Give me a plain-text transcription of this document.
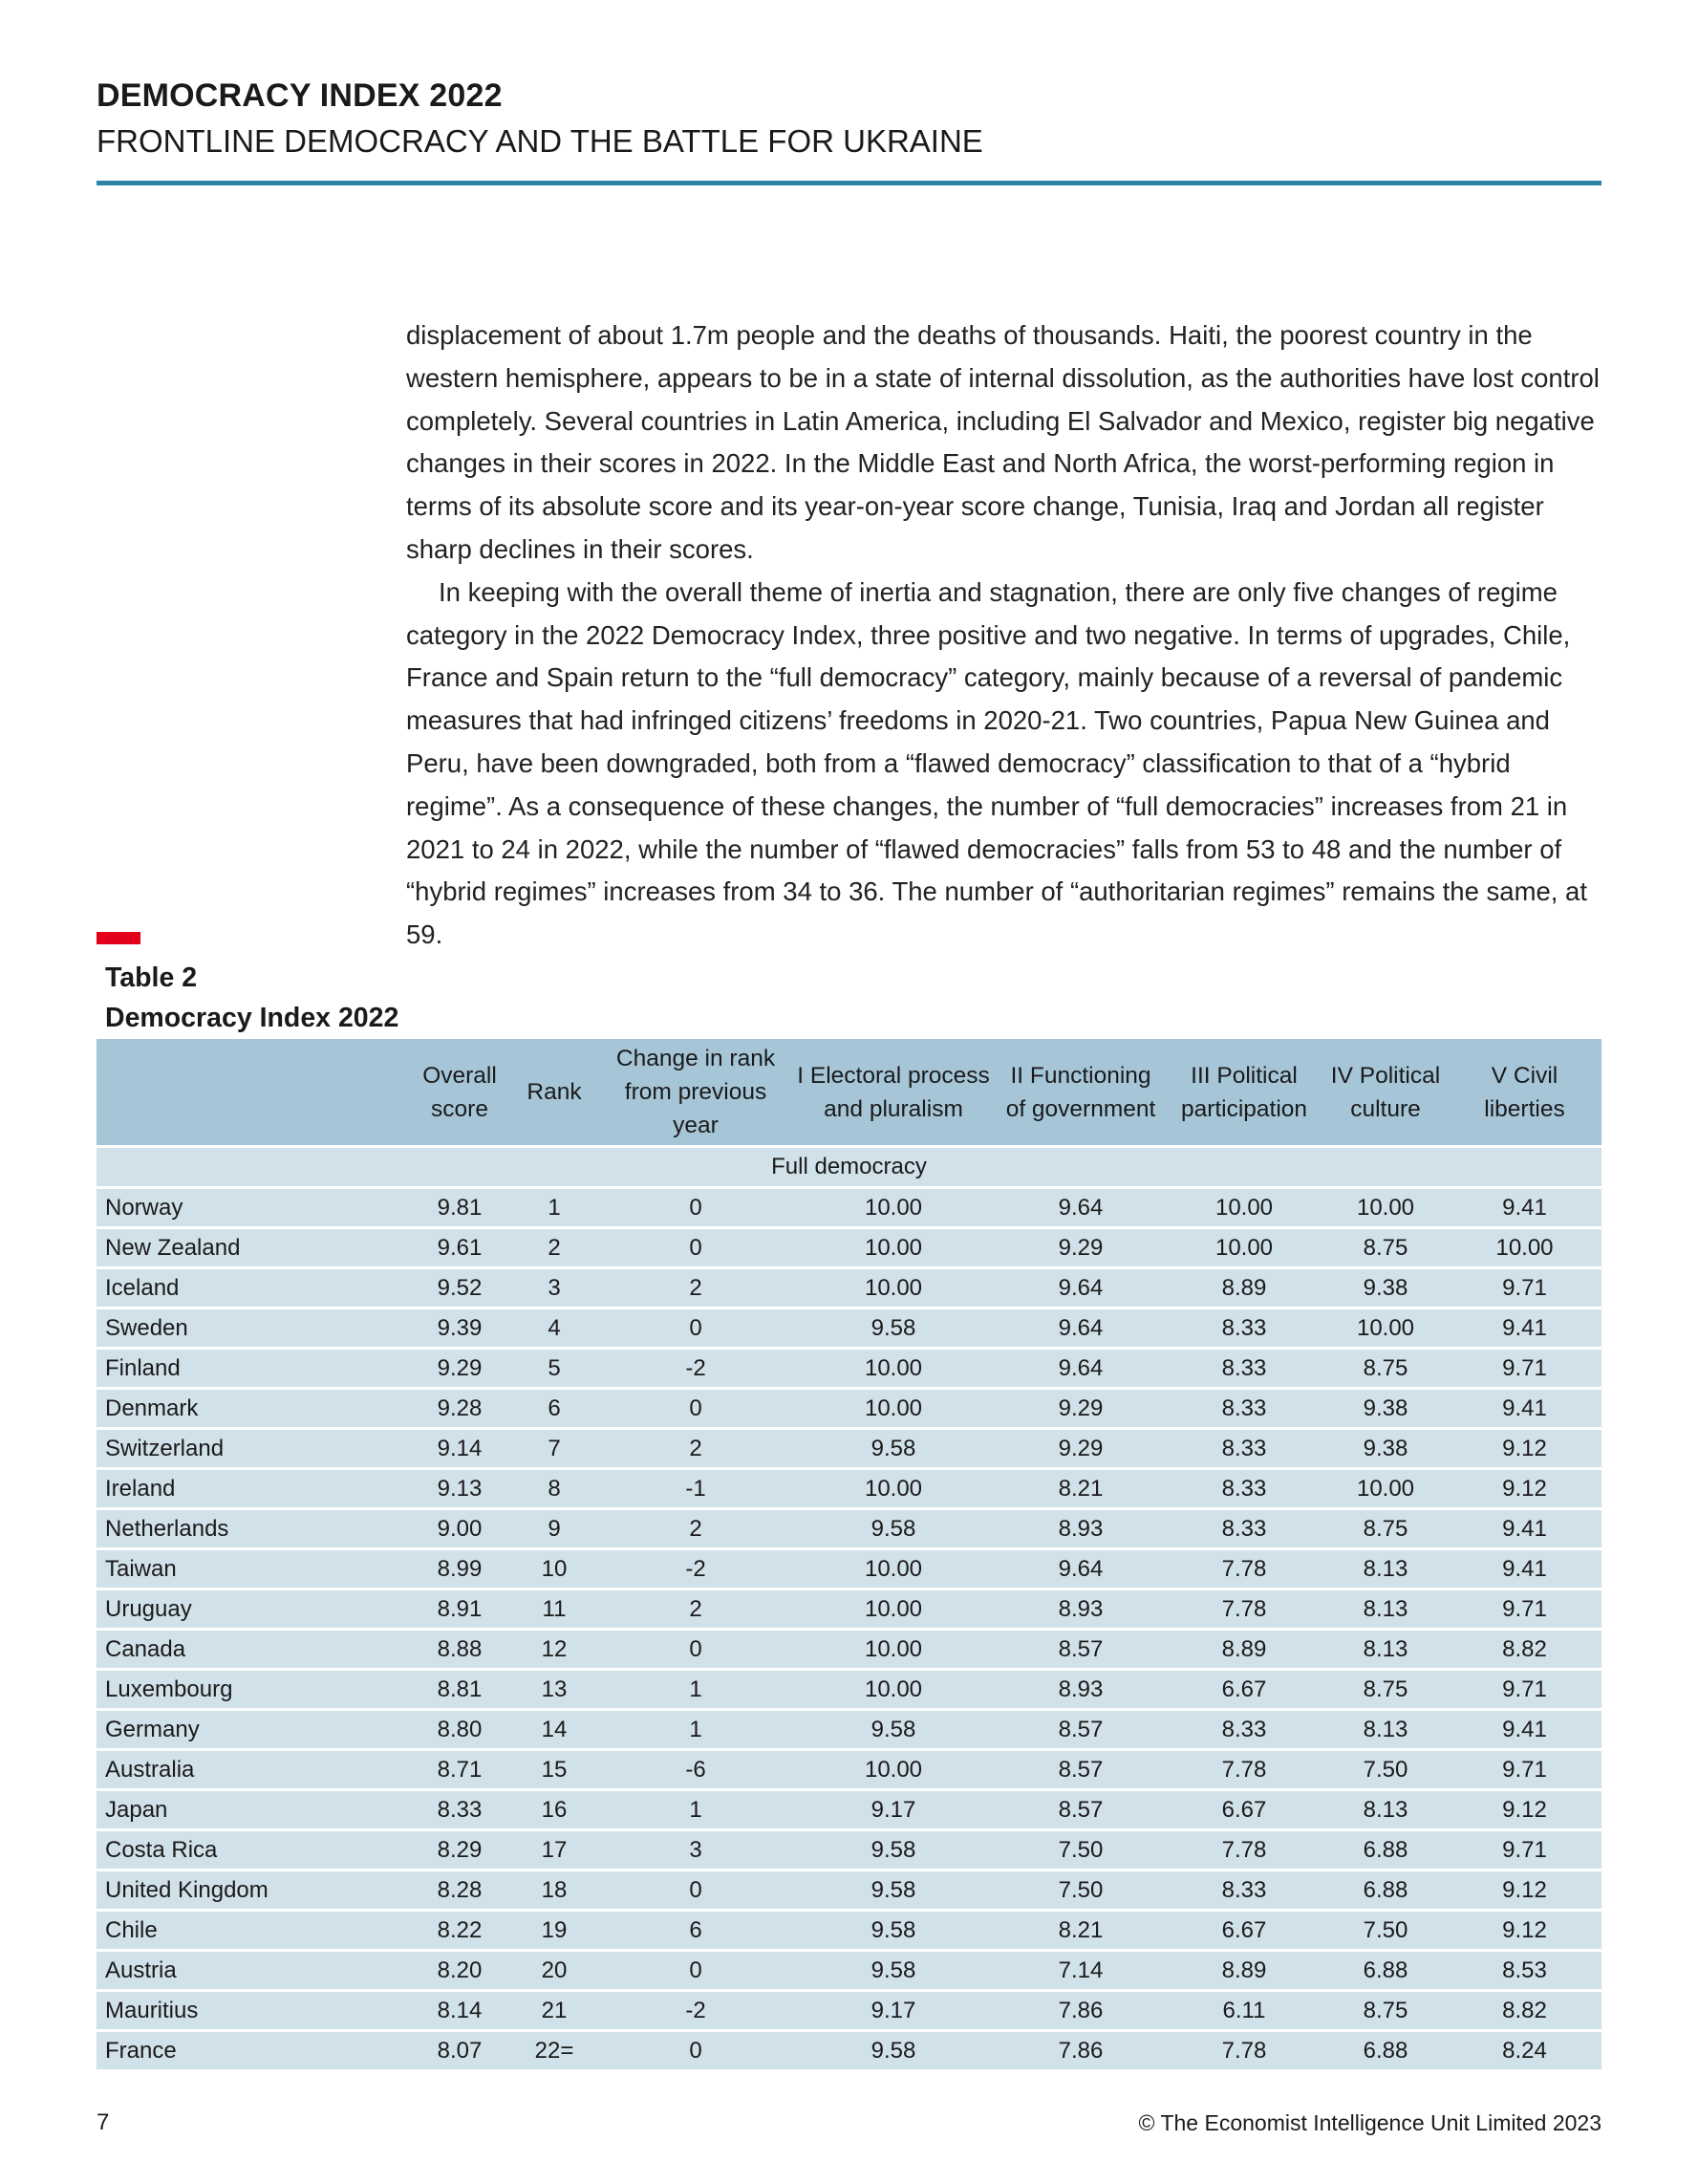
DEMOCRACY INDEX 2022
FRONTLINE DEMOCRACY AND THE BATTLE FOR UKRAINE

displacement of about 1.7m people and the deaths of thousands. Haiti, the poorest country in the western hemisphere, appears to be in a state of internal dissolution, as the authorities have lost control completely. Several countries in Latin America, including El Salvador and Mexico, register big negative changes in their scores in 2022. In the Middle East and North Africa, the worst-performing region in terms of its absolute score and its year-on-year score change, Tunisia, Iraq and Jordan all register sharp declines in their scores.

In keeping with the overall theme of inertia and stagnation, there are only five changes of regime category in the 2022 Democracy Index, three positive and two negative. In terms of upgrades, Chile, France and Spain return to the “full democracy” category, mainly because of a reversal of pandemic measures that had infringed citizens’ freedoms in 2020-21. Two countries, Papua New Guinea and Peru, have been downgraded, both from a “flawed democracy” classification to that of a “hybrid regime”. As a consequence of these changes, the number of “full democracies” increases from 21 in 2021 to 24 in 2022, while the number of “flawed democracies” falls from 53 to 48 and the number of “hybrid regimes” increases from 34 to 36. The number of “authoritarian regimes” remains the same, at 59.

Table 2
Democracy Index 2022
	Overall score	Rank	Change in rank from previous year	I Electoral process and pluralism	II Functioning of government	III Political participation	IV Political culture	V Civil liberties
Full democracy								
Norway	9.81	1	0	10.00	9.64	10.00	10.00	9.41
New Zealand	9.61	2	0	10.00	9.29	10.00	8.75	10.00
Iceland	9.52	3	2	10.00	9.64	8.89	9.38	9.71
Sweden	9.39	4	0	9.58	9.64	8.33	10.00	9.41
Finland	9.29	5	-2	10.00	9.64	8.33	8.75	9.71
Denmark	9.28	6	0	10.00	9.29	8.33	9.38	9.41
Switzerland	9.14	7	2	9.58	9.29	8.33	9.38	9.12
Ireland	9.13	8	-1	10.00	8.21	8.33	10.00	9.12
Netherlands	9.00	9	2	9.58	8.93	8.33	8.75	9.41
Taiwan	8.99	10	-2	10.00	9.64	7.78	8.13	9.41
Uruguay	8.91	11	2	10.00	8.93	7.78	8.13	9.71
Canada	8.88	12	0	10.00	8.57	8.89	8.13	8.82
Luxembourg	8.81	13	1	10.00	8.93	6.67	8.75	9.71
Germany	8.80	14	1	9.58	8.57	8.33	8.13	9.41
Australia	8.71	15	-6	10.00	8.57	7.78	7.50	9.71
Japan	8.33	16	1	9.17	8.57	6.67	8.13	9.12
Costa Rica	8.29	17	3	9.58	7.50	7.78	6.88	9.71
United Kingdom	8.28	18	0	9.58	7.50	8.33	6.88	9.12
Chile	8.22	19	6	9.58	8.21	6.67	7.50	9.12
Austria	8.20	20	0	9.58	7.14	8.89	6.88	8.53
Mauritius	8.14	21	-2	9.17	7.86	6.11	8.75	8.82
France	8.07	22=	0	9.58	7.86	7.78	6.88	8.24
7	© The Economist Intelligence Unit Limited 2023
